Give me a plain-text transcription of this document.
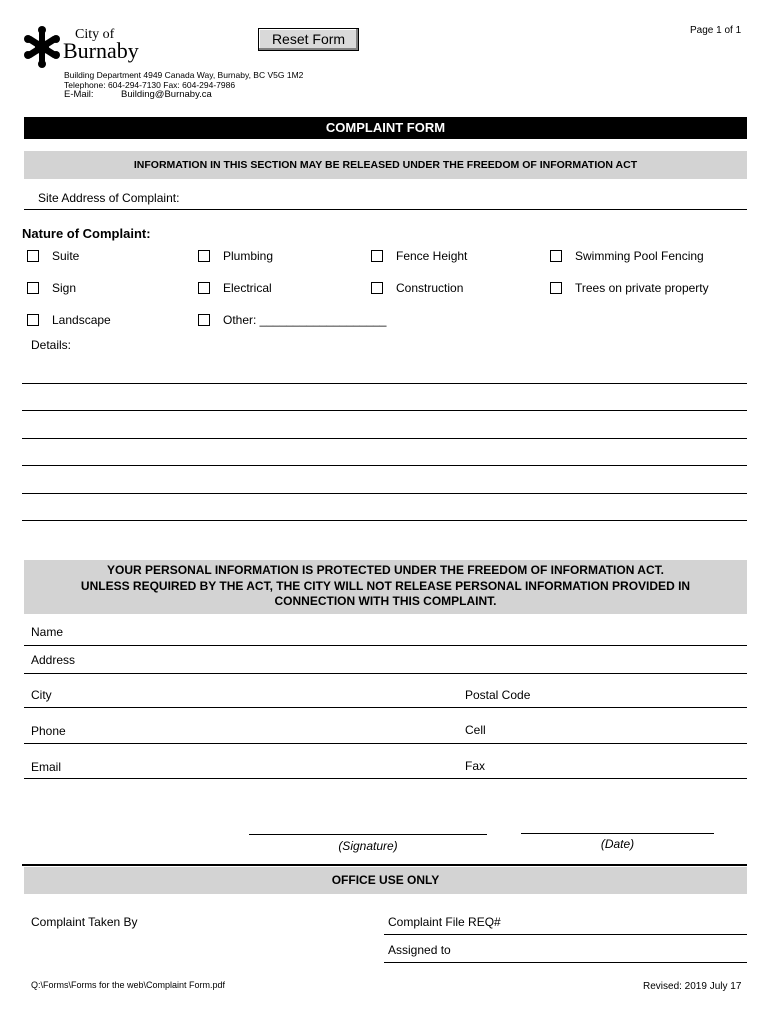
City of
Burnaby	Reset Form
Page 1 of 1
Building Department 4949 Canada Way, Burnaby, BC V5G 1M2
Telephone: 604-294-7130 Fax: 604-294-7986
E-Mail:	Building@Burnaby.ca
COMPLAINT FORM
INFORMATION IN THIS SECTION MAY BE RELEASED UNDER THE FREEDOM OF INFORMATION ACT
Site Address of Complaint:
Nature of Complaint:
Suite	Plumbing	Fence Height	Swimming Pool Fencing
Sign	Electrical	Construction	Trees on private property
Landscape	Other: ___________________
Details:
YOUR PERSONAL INFORMATION IS PROTECTED UNDER THE FREEDOM OF INFORMATION ACT.
UNLESS REQUIRED BY THE ACT, THE CITY WILL NOT RELEASE PERSONAL INFORMATION PROVIDED IN
CONNECTION WITH THIS COMPLAINT.
Name
Address
City	Postal Code
Phone	Cell
Email	Fax
(Signature)	(Date)
OFFICE USE ONLY
Complaint Taken By	Complaint File REQ#
Assigned to
Q:\Forms\Forms for the web\Complaint Form.pdf	Revised: 2019 July 17
